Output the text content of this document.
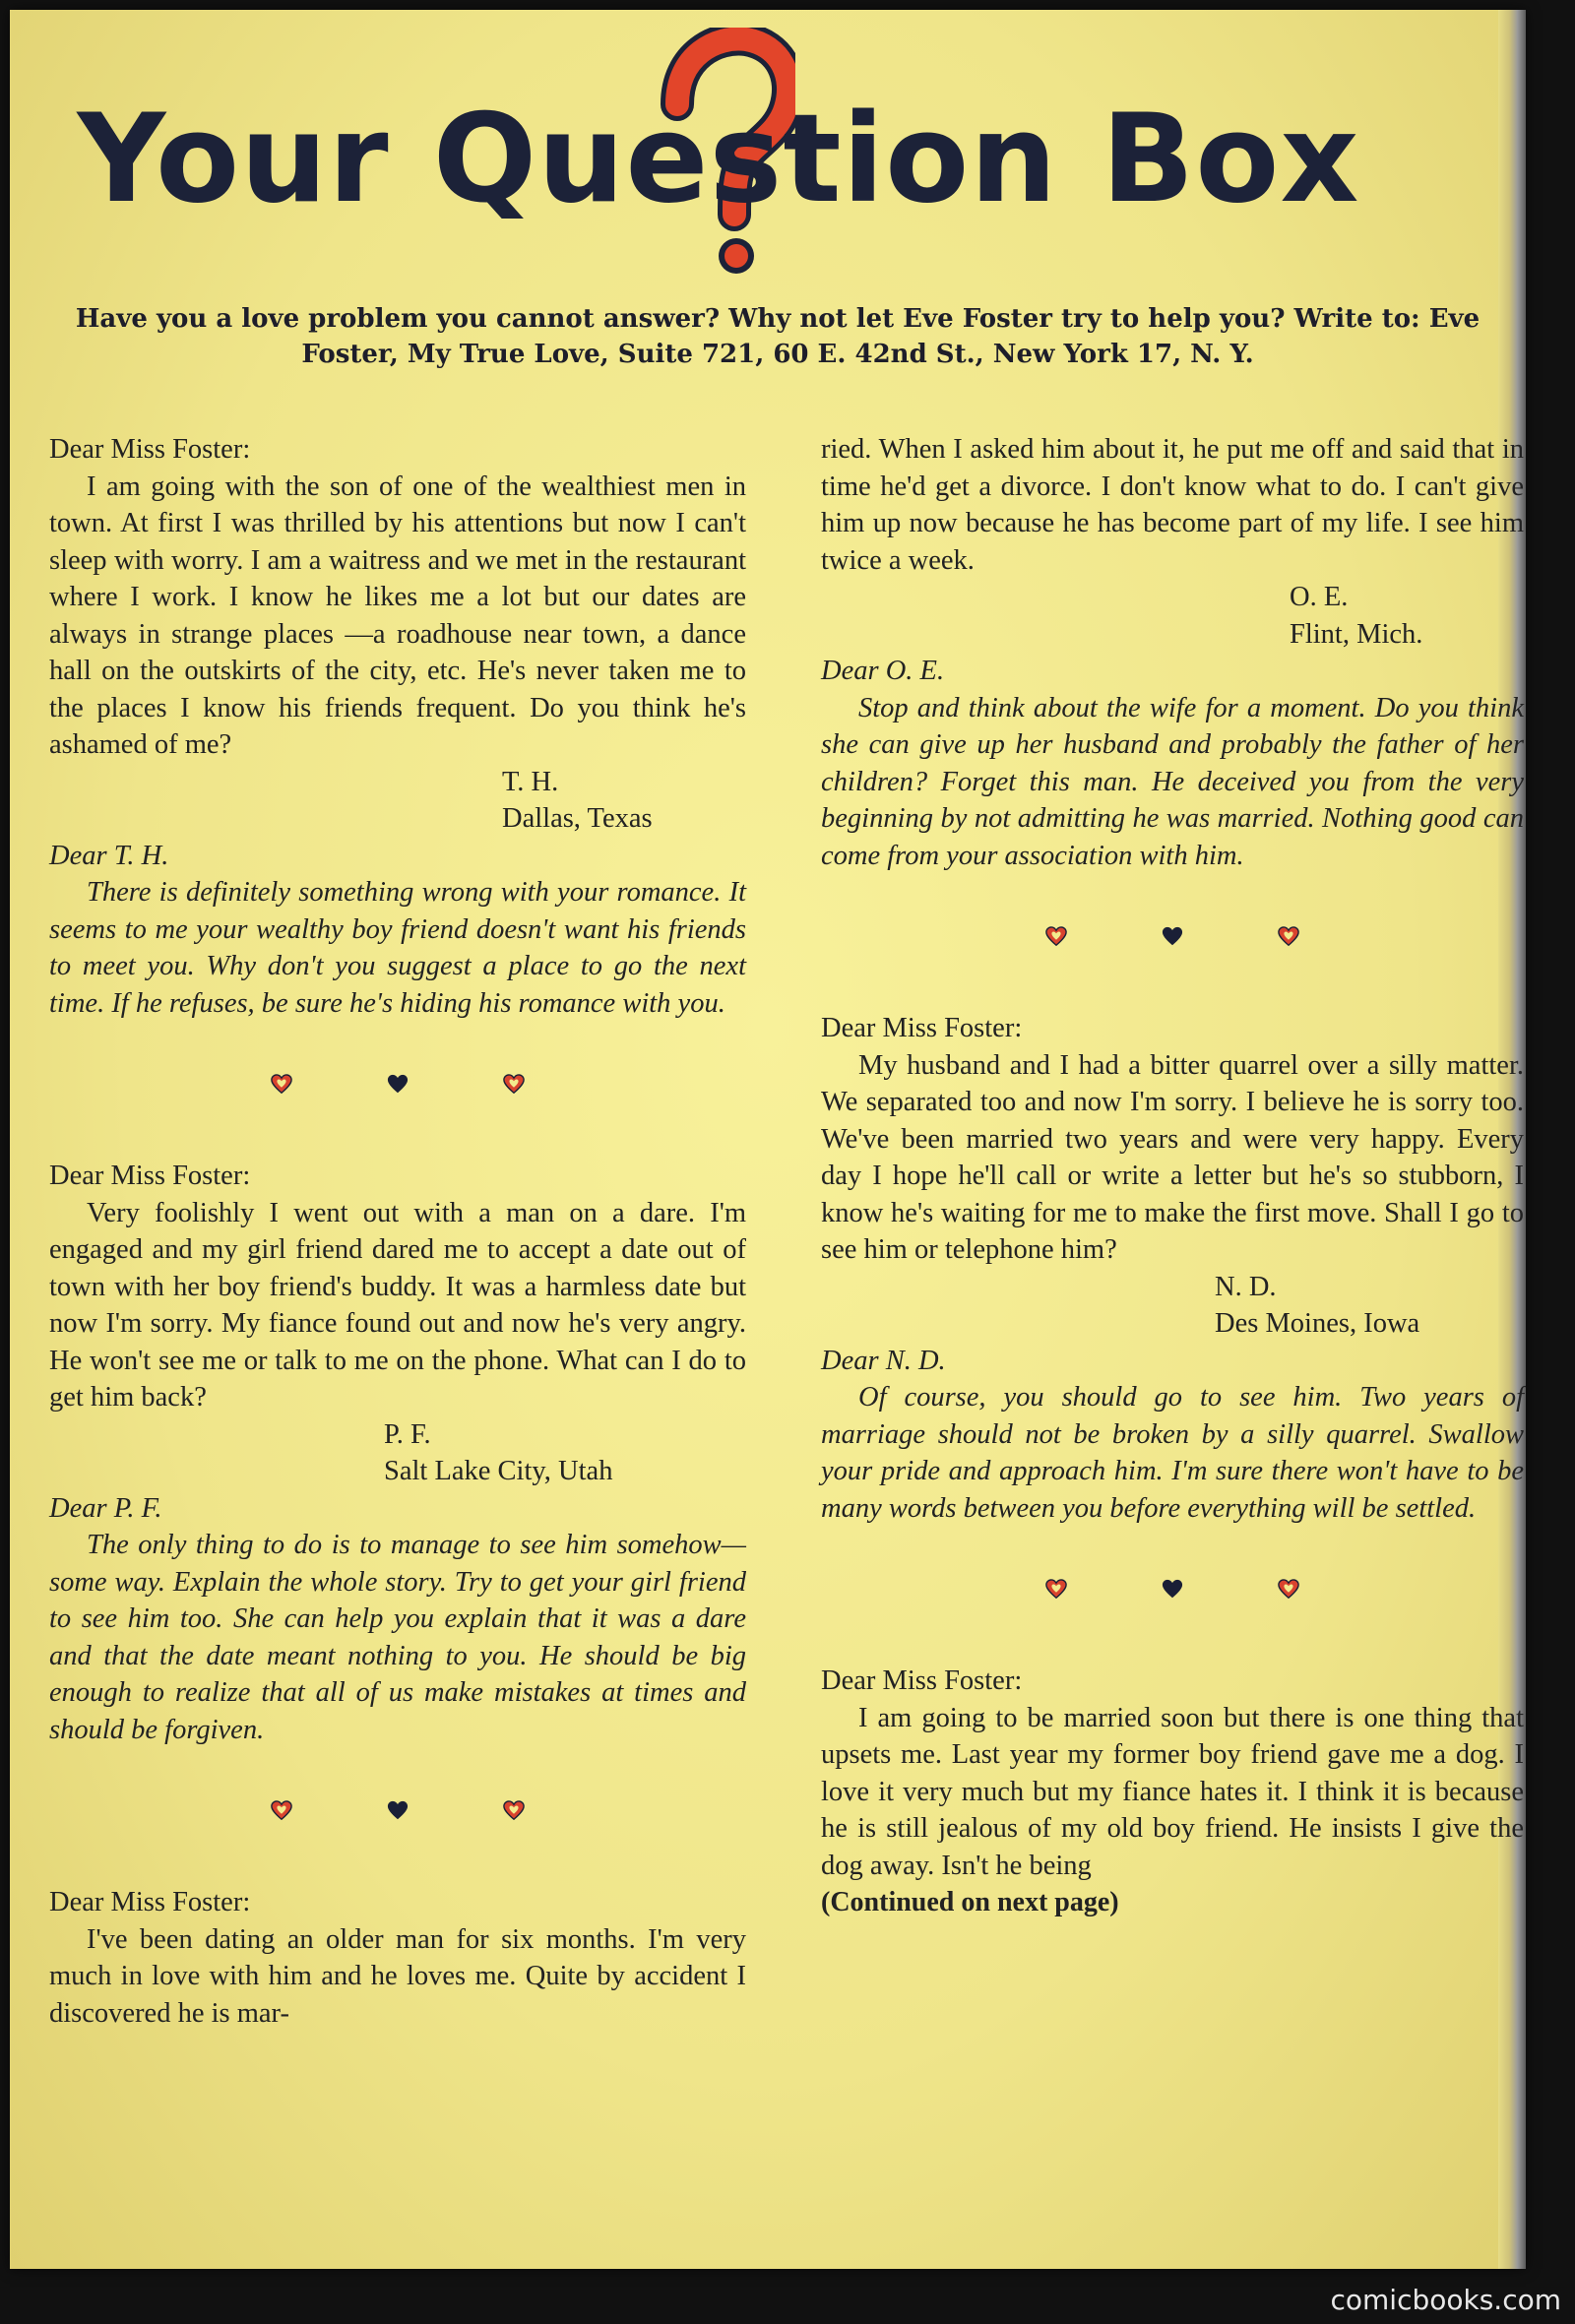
Your Question Box

Have you a love problem you cannot answer? Why not let Eve Foster try to help you? Write to: Eve Foster, My True Love, Suite 721, 60 E. 42nd St., New York 17, N. Y.

Dear Miss Foster:

I am going with the son of one of the wealthiest men in town. At first I was thrilled by his attentions but now I can't sleep with worry. I am a waitress and we met in the restaurant where I work. I know he likes me a lot but our dates are always in strange places —a roadhouse near town, a dance hall on the outskirts of the city, etc. He's never taken me to the places I know his friends frequent. Do you think he's ashamed of me?

T. H.

Dallas, Texas

Dear T. H.

There is definitely something wrong with your romance. It seems to me your wealthy boy friend doesn't want his friends to meet you. Why don't you suggest a place to go the next time. If he refuses, be sure he's hiding his romance with you.

Dear Miss Foster:

Very foolishly I went out with a man on a dare. I'm engaged and my girl friend dared me to accept a date out of town with her boy friend's buddy. It was a harmless date but now I'm sorry. My fiance found out and now he's very angry. He won't see me or talk to me on the phone. What can I do to get him back?

P. F.

Salt Lake City, Utah

Dear P. F.

The only thing to do is to manage to see him somehow—some way. Explain the whole story. Try to get your girl friend to see him too. She can help you explain that it was a dare and that the date meant nothing to you. He should be big enough to realize that all of us make mistakes at times and should be forgiven.

Dear Miss Foster:

I've been dating an older man for six months. I'm very much in love with him and he loves me. Quite by accident I discovered he is mar-

ried. When I asked him about it, he put me off and said that in time he'd get a divorce. I don't know what to do. I can't give him up now because he has become part of my life. I see him twice a week.

O. E.

Flint, Mich.

Dear O. E.

Stop and think about the wife for a moment. Do you think she can give up her husband and probably the father of her children? Forget this man. He deceived you from the very beginning by not admitting he was married. Nothing good can come from your association with him.

Dear Miss Foster:

My husband and I had a bitter quarrel over a silly matter. We separated too and now I'm sorry. I believe he is sorry too. We've been married two years and were very happy. Every day I hope he'll call or write a letter but he's so stubborn, I know he's waiting for me to make the first move. Shall I go to see him or telephone him?

N. D.

Des Moines, Iowa

Dear N. D.

Of course, you should go to see him. Two years of marriage should not be broken by a silly quarrel. Swallow your pride and approach him. I'm sure there won't have to be many words between you before everything will be settled.

Dear Miss Foster:

I am going to be married soon but there is one thing that upsets me. Last year my former boy friend gave me a dog. I love it very much but my fiance hates it. I think it is because he is still jealous of my old boy friend. He insists I give the dog away. Isn't he being

(Continued on next page)

comicbooks.com
